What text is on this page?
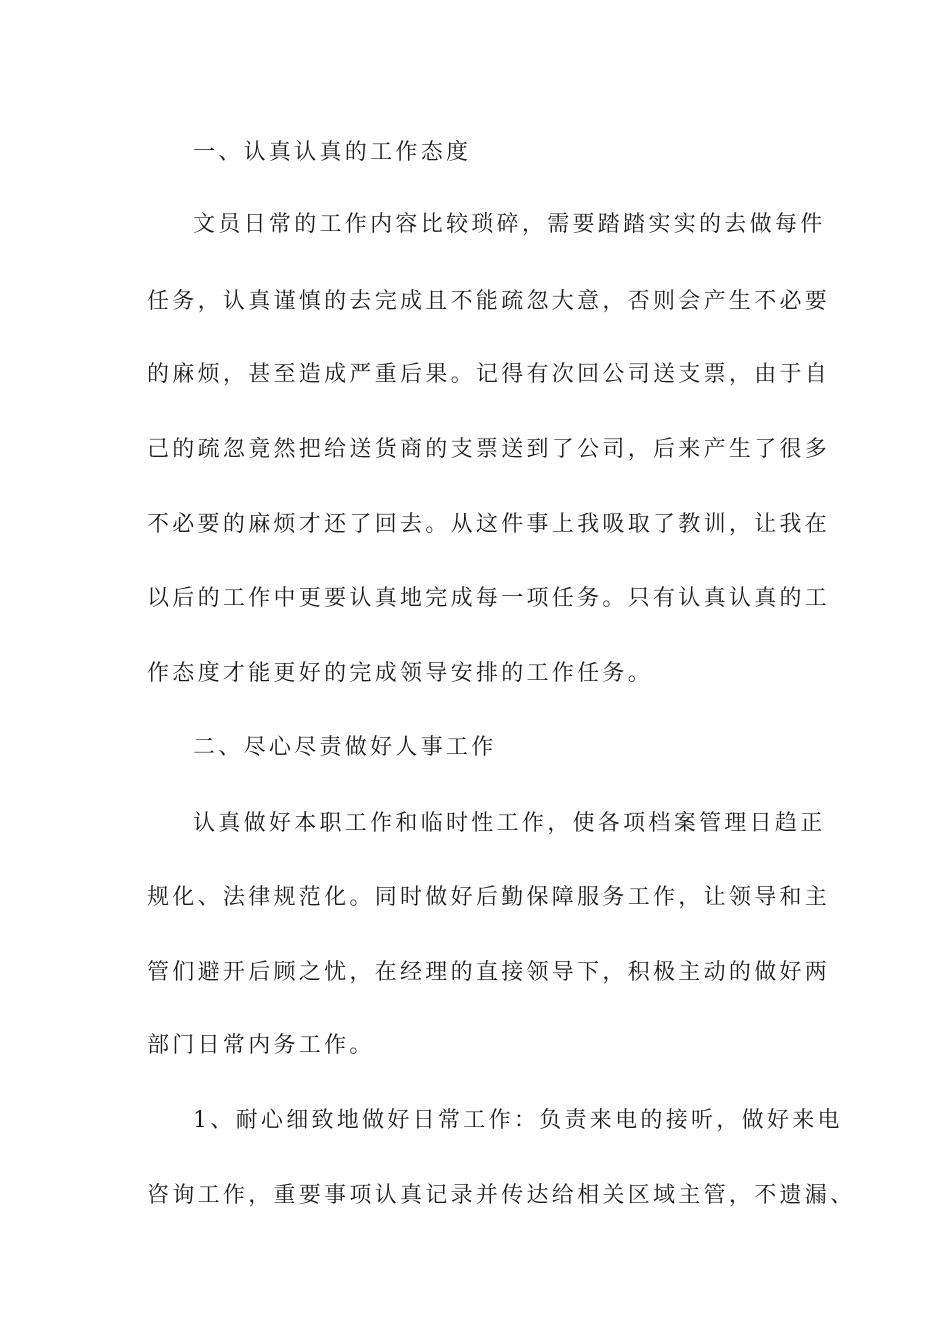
一、认真认真的工作态度
文员日常的工作内容比较琐碎，需要踏踏实实的去做每件
任务，认真谨慎的去完成且不能疏忽大意，否则会产生不必要
的麻烦，甚至造成严重后果。记得有次回公司送支票，由于自
己的疏忽竟然把给送货商的支票送到了公司，后来产生了很多
不必要的麻烦才还了回去。从这件事上我吸取了教训，让我在
以后的工作中更要认真地完成每一项任务。只有认真认真的工
作态度才能更好的完成领导安排的工作任务。
二、尽心尽责做好人事工作
认真做好本职工作和临时性工作，使各项档案管理日趋正
规化、法律规范化。同时做好后勤保障服务工作，让领导和主
管们避开后顾之忧，在经理的直接领导下，积极主动的做好两
部门日常内务工作。
1、耐心细致地做好日常工作：负责来电的接听，做好来电
咨询工作，重要事项认真记录并传达给相关区域主管，不遗漏、
